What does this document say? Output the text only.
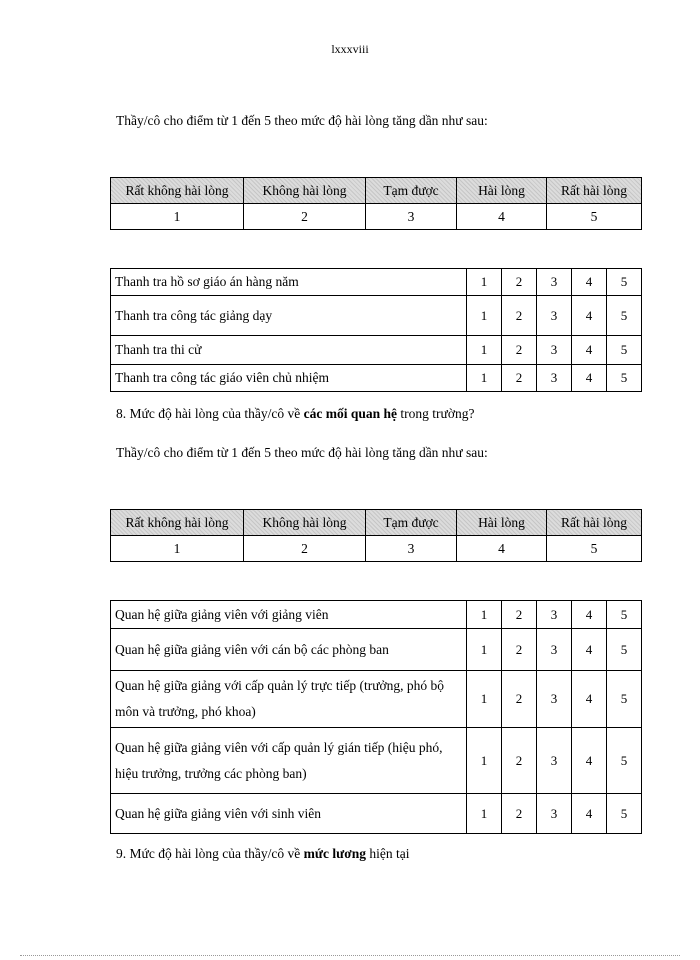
lxxxviii
Thầy/cô cho điểm từ 1 đến 5 theo mức độ hài lòng tăng dần như sau:
Rất không hài lòng	Không hài lòng	Tạm được	Hài lòng	Rất hài lòng
1	2	3	4	5
Thanh tra hồ sơ giáo án hàng năm	1	2	3	4	5
Thanh tra công tác giảng dạy	1	2	3	4	5
Thanh tra thi cử	1	2	3	4	5
Thanh tra công tác giáo viên chủ nhiệm	1	2	3	4	5
8. Mức độ hài lòng của thầy/cô về các mối quan hệ trong trường?
Thầy/cô cho điểm từ 1 đến 5 theo mức độ hài lòng tăng dần như sau:
Rất không hài lòng	Không hài lòng	Tạm được	Hài lòng	Rất hài lòng
1	2	3	4	5
Quan hệ giữa giảng viên với giảng viên	1	2	3	4	5
Quan hệ giữa giảng viên với cán bộ các phòng ban	1	2	3	4	5
Quan hệ giữa giảng với cấp quản lý trực tiếp (trưởng, phó bộ môn và trưởng, phó khoa)	1	2	3	4	5
Quan hệ giữa giảng viên với cấp quản lý gián tiếp (hiệu phó, hiệu trưởng, trưởng các phòng ban)	1	2	3	4	5
Quan hệ giữa giảng viên với sinh viên	1	2	3	4	5
9. Mức độ hài lòng của thầy/cô về mức lương hiện tại
